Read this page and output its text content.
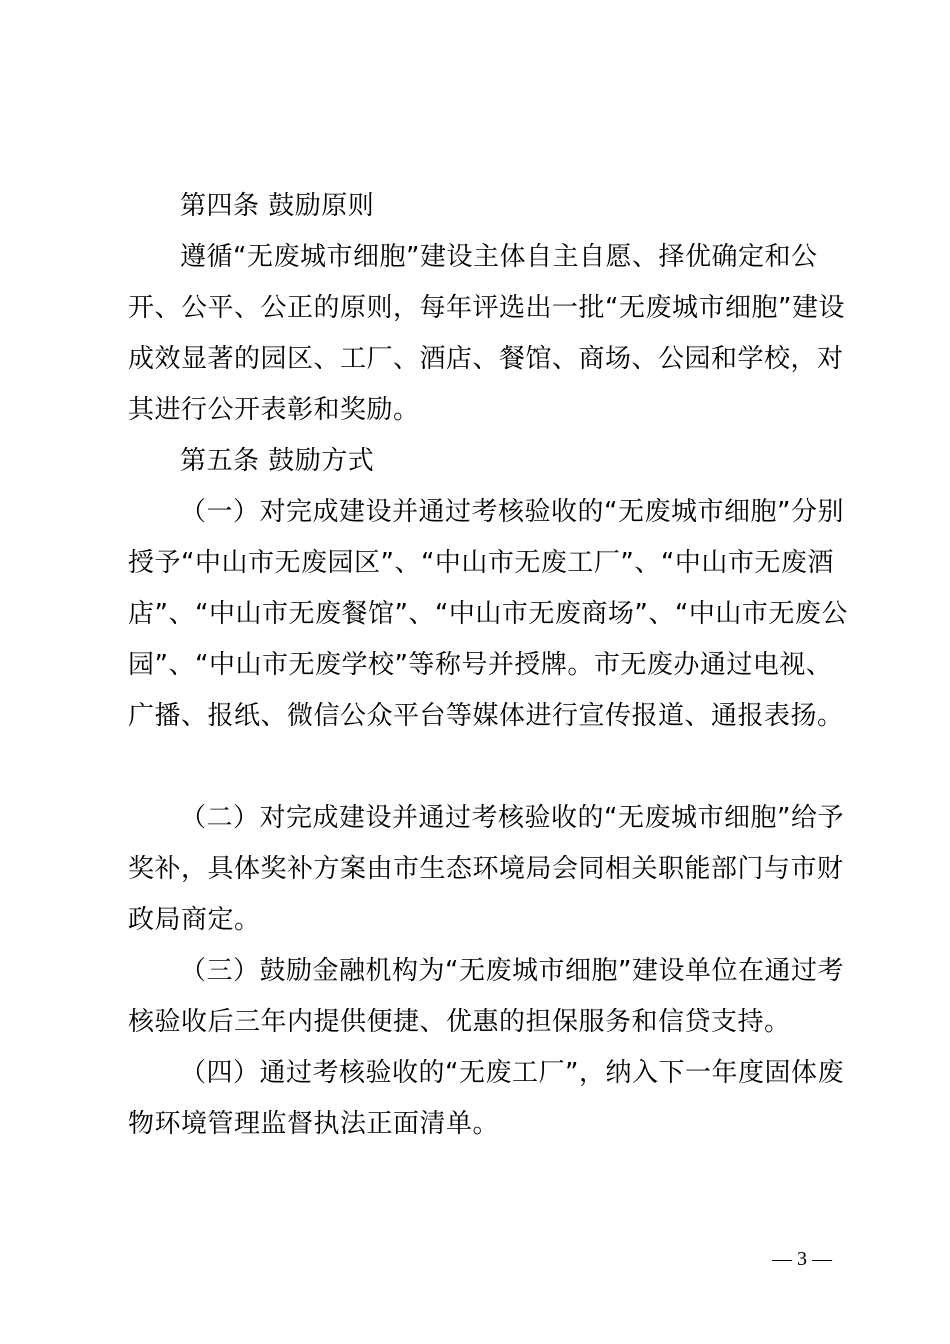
第四条 鼓励原则

遵循“无废城市细胞”建设主体自主自愿、择优确定和公开、公平、公正的原则，每年评选出一批“无废城市细胞”建设成效显著的园区、工厂、酒店、餐馆、商场、公园和学校，对其进行公开表彰和奖励。

第五条 鼓励方式

（一）对完成建设并通过考核验收的“无废城市细胞”分别授予“中山市无废园区”、“中山市无废工厂”、“中山市无废酒店”、“中山市无废餐馆”、“中山市无废商场”、“中山市无废公园”、“中山市无废学校”等称号并授牌。市无废办通过电视、广播、报纸、微信公众平台等媒体进行宣传报道、通报表扬。

（二）对完成建设并通过考核验收的“无废城市细胞”给予奖补，具体奖补方案由市生态环境局会同相关职能部门与市财政局商定。

（三）鼓励金融机构为“无废城市细胞”建设单位在通过考核验收后三年内提供便捷、优惠的担保服务和信贷支持。

（四）通过考核验收的“无废工厂”，纳入下一年度固体废物环境管理监督执法正面清单。

— 3 —
